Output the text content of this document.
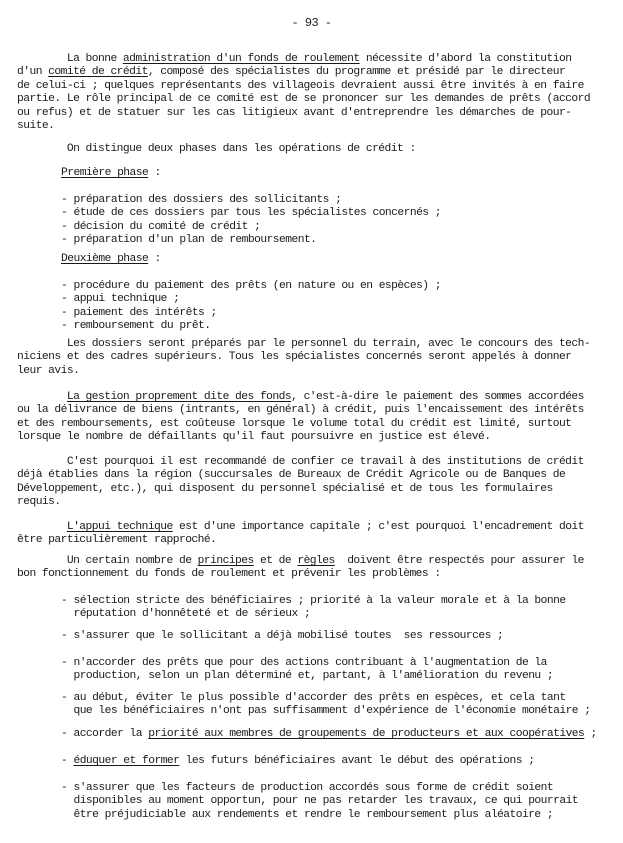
- 93 -
La bonne administration d'un fonds de roulement nécessite d'abord la constitution
d'un comité de crédit, composé des spécialistes du programme et présidé par le directeur
de celui-ci ; quelques représentants des villageois devraient aussi être invités à en faire
partie. Le rôle principal de ce comité est de se prononcer sur les demandes de prêts (accord
ou refus) et de statuer sur les cas litigieux avant d'entreprendre les démarches de pour-
suite.
On distingue deux phases dans les opérations de crédit :
Première phase :
- préparation des dossiers des sollicitants ;
- étude de ces dossiers par tous les spécialistes concernés ;
- décision du comité de crédit ;
- préparation d'un plan de remboursement.
Deuxième phase :
- procédure du paiement des prêts (en nature ou en espèces) ;
- appui technique ;
- paiement des intérêts ;
- remboursement du prêt.
Les dossiers seront préparés par le personnel du terrain, avec le concours des tech-
niciens et des cadres supérieurs. Tous les spécialistes concernés seront appelés à donner
leur avis.
La gestion proprement dite des fonds, c'est-à-dire le paiement des sommes accordées
ou la délivrance de biens (intrants, en général) à crédit, puis l'encaissement des intérêts
et des remboursements, est coûteuse lorsque le volume total du crédit est limité, surtout
lorsque le nombre de défaillants qu'il faut poursuivre en justice est élevé.
C'est pourquoi il est recommandé de confier ce travail à des institutions de crédit
déjà établies dans la région (succursales de Bureaux de Crédit Agricole ou de Banques de
Développement, etc.), qui disposent du personnel spécialisé et de tous les formulaires
requis.
L'appui technique est d'une importance capitale ; c'est pourquoi l'encadrement doit
être particulièrement rapproché.
Un certain nombre de principes et de règles  doivent être respectés pour assurer le
bon fonctionnement du fonds de roulement et prévenir les problèmes :
- sélection stricte des bénéficiaires ; priorité à la valeur morale et à la bonne
réputation d'honnêteté et de sérieux ;
- s'assurer que le sollicitant a déjà mobilisé toutes  ses ressources ;
- n'accorder des prêts que pour des actions contribuant à l'augmentation de la
production, selon un plan déterminé et, partant, à l'amélioration du revenu ;
- au début, éviter le plus possible d'accorder des prêts en espèces, et cela tant
que les bénéficiaires n'ont pas suffisamment d'expérience de l'économie monétaire ;
- accorder la priorité aux membres de groupements de producteurs et aux coopératives ;
- éduquer et former les futurs bénéficiaires avant le début des opérations ;
- s'assurer que les facteurs de production accordés sous forme de crédit soient
disponibles au moment opportun, pour ne pas retarder les travaux, ce qui pourrait
être préjudiciable aux rendements et rendre le remboursement plus aléatoire ;
